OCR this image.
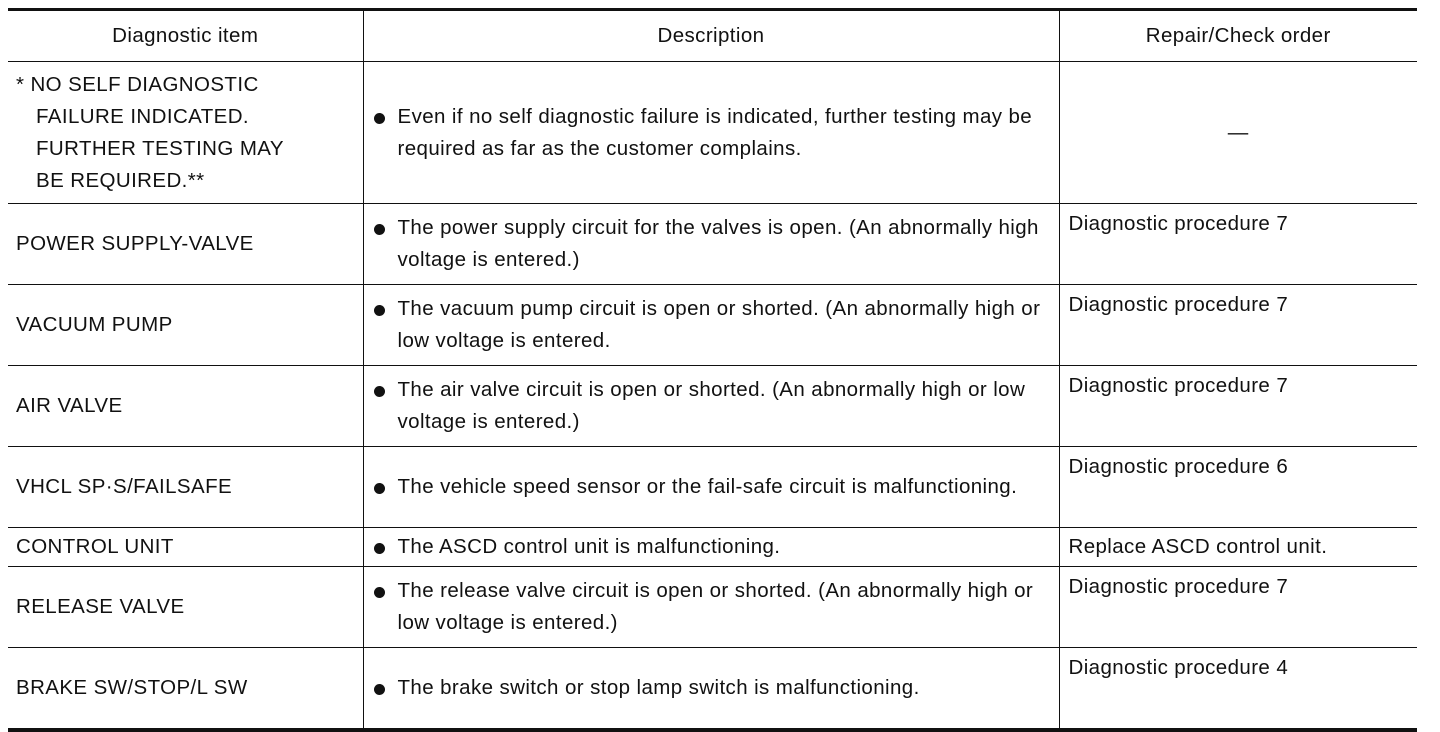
Diagnostic item	Description	Repair/Check order

* NO SELF DIAGNOSTIC
FAILURE INDICATED.
FURTHER TESTING MAY
BE REQUIRED.**	Even if no self diagnostic failure is indicated, further testing may be required as far as the customer complains.	—
POWER SUPPLY-VALVE	The power supply circuit for the valves is open. (An abnormally high voltage is entered.)	Diagnostic procedure 7
VACUUM PUMP	The vacuum pump circuit is open or shorted. (An abnormally high or low voltage is entered.	Diagnostic procedure 7
AIR VALVE	The air valve circuit is open or shorted. (An abnormally high or low voltage is entered.)	Diagnostic procedure 7
VHCL SP·S/FAILSAFE	The vehicle speed sensor or the fail-safe circuit is malfunctioning.	Diagnostic procedure 6
CONTROL UNIT	The ASCD control unit is malfunctioning.	Replace ASCD control unit.
RELEASE VALVE	The release valve circuit is open or shorted. (An abnormally high or low voltage is entered.)	Diagnostic procedure 7
BRAKE SW/STOP/L SW	The brake switch or stop lamp switch is malfunctioning.	Diagnostic procedure 4
